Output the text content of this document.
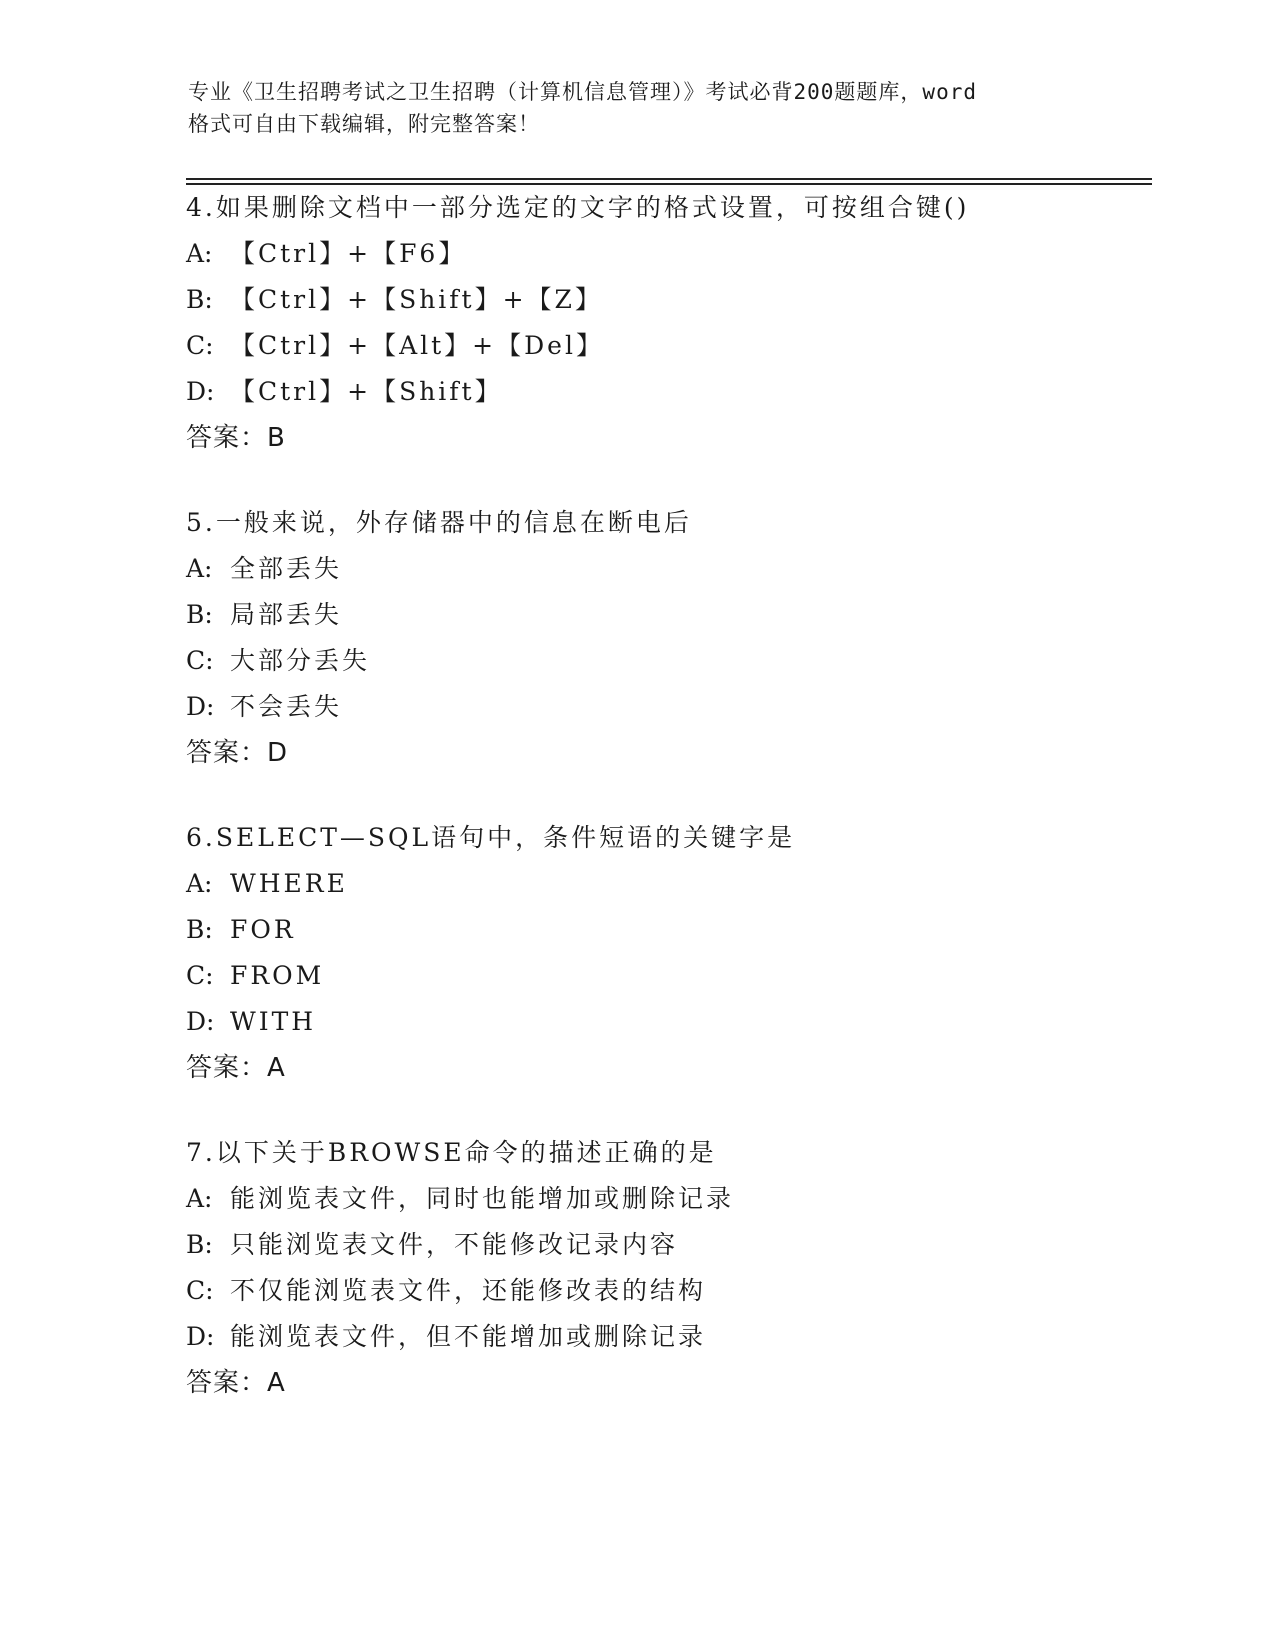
专业《卫生招聘考试之卫生招聘（计算机信息管理）》考试必背200题题库，word
格式可自由下载编辑，附完整答案！
4.如果删除文档中一部分选定的文字的格式设置，可按组合键()
A: 【Ctrl】+【F6】
B: 【Ctrl】+【Shift】+【Z】
C: 【Ctrl】+【Alt】+【Del】
D: 【Ctrl】+【Shift】
答案：B
5.一般来说，外存储器中的信息在断电后
A: 全部丢失
B: 局部丢失
C: 大部分丢失
D: 不会丢失
答案：D
6.SELECT—SQL语句中，条件短语的关键字是
A: WHERE
B: FOR
C: FROM
D: WITH
答案：A
7.以下关于BROWSE命令的描述正确的是
A: 能浏览表文件，同时也能增加或删除记录
B: 只能浏览表文件，不能修改记录内容
C: 不仅能浏览表文件，还能修改表的结构
D: 能浏览表文件，但不能增加或删除记录
答案：A
